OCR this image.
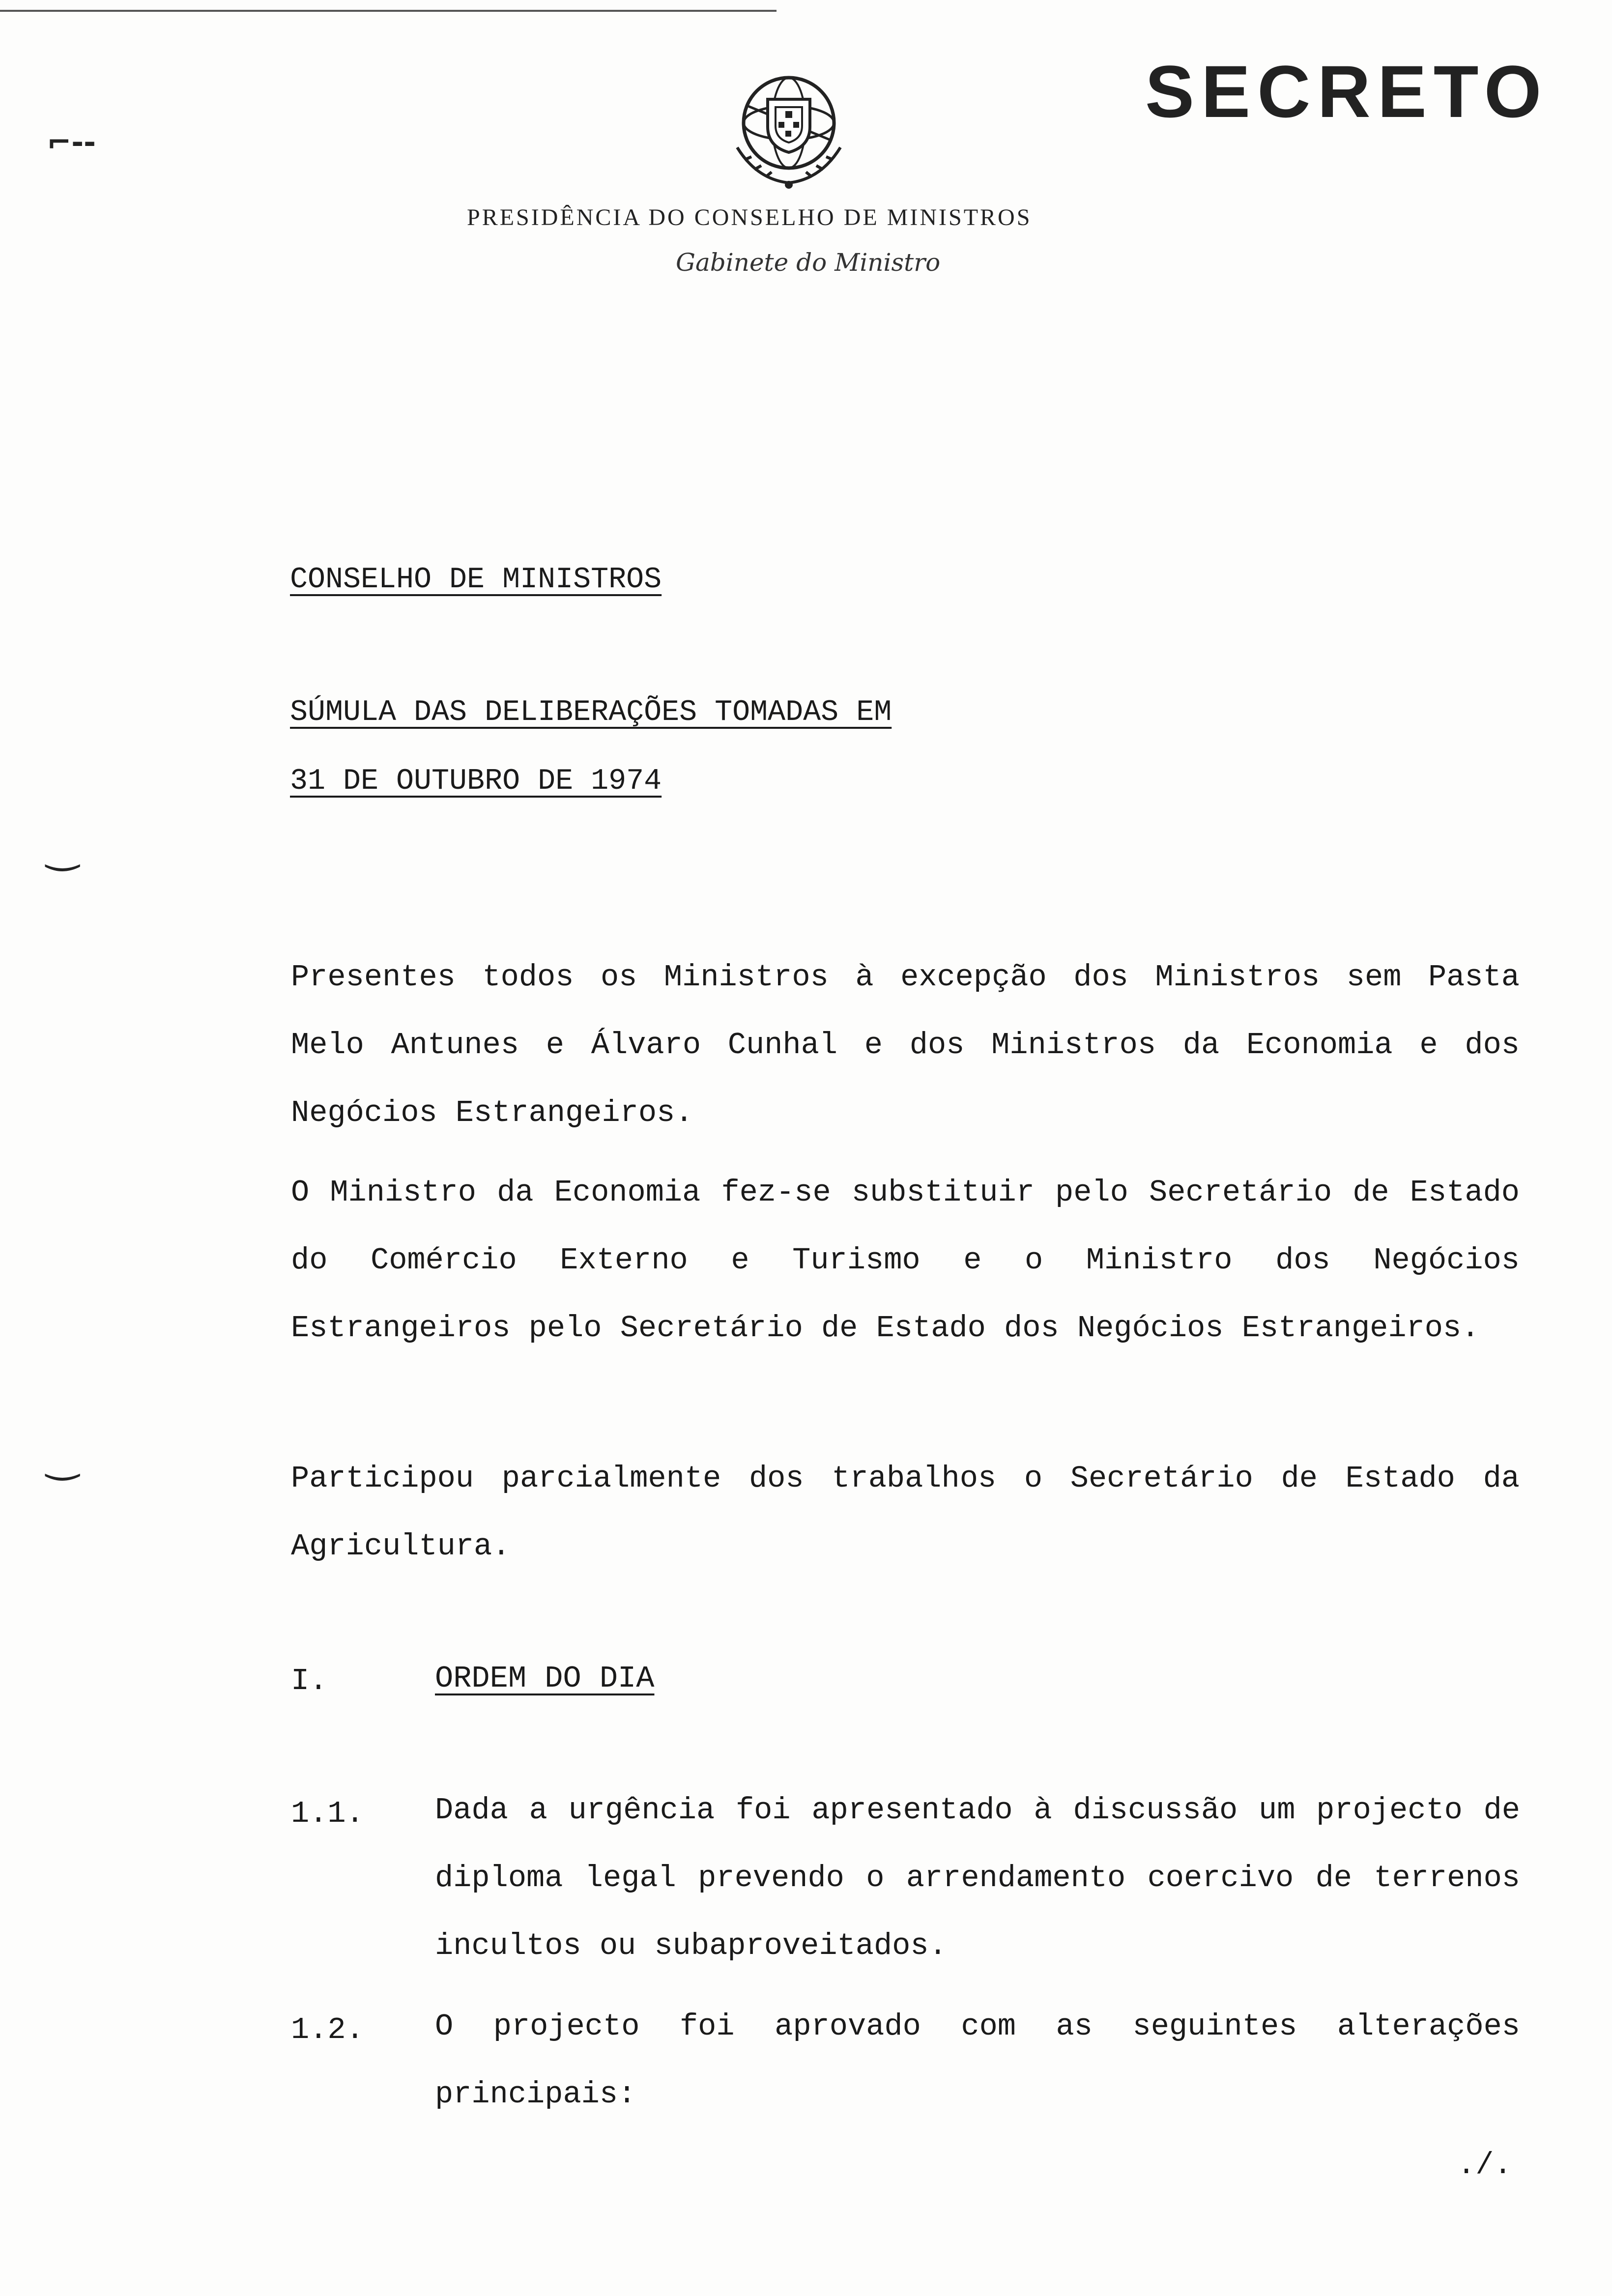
SECRETO
PRESIDÊNCIA DO CONSELHO DE MINISTROS
Gabinete do Ministro
⌐--
‿
‿
CONSELHO DE MINISTROS
SÚMULA DAS DELIBERAÇÕES TOMADAS EM
31 DE OUTUBRO DE 1974
Presentes todos os Ministros à excepção dos Ministros sem Pasta Melo Antunes e Álvaro Cunhal e dos Ministros da Economia e dos Negócios Estrangeiros.
O Ministro da Economia fez-se substituir pelo Secretário de Estado do Comércio Externo e Turismo e o Ministro dos Negócios Estrangeiros pelo Secretário de Estado dos Negócios Estrangeiros.
Participou parcialmente dos trabalhos o Secretário de Estado da Agricultura.
I.	ORDEM DO DIA
1.1. Dada a urgência foi apresentado à discussão um projecto de diploma legal prevendo o arrendamento coercivo de terrenos incultos ou subaproveitados.
1.2. O projecto foi aprovado com as seguintes alterações principais:
./.
